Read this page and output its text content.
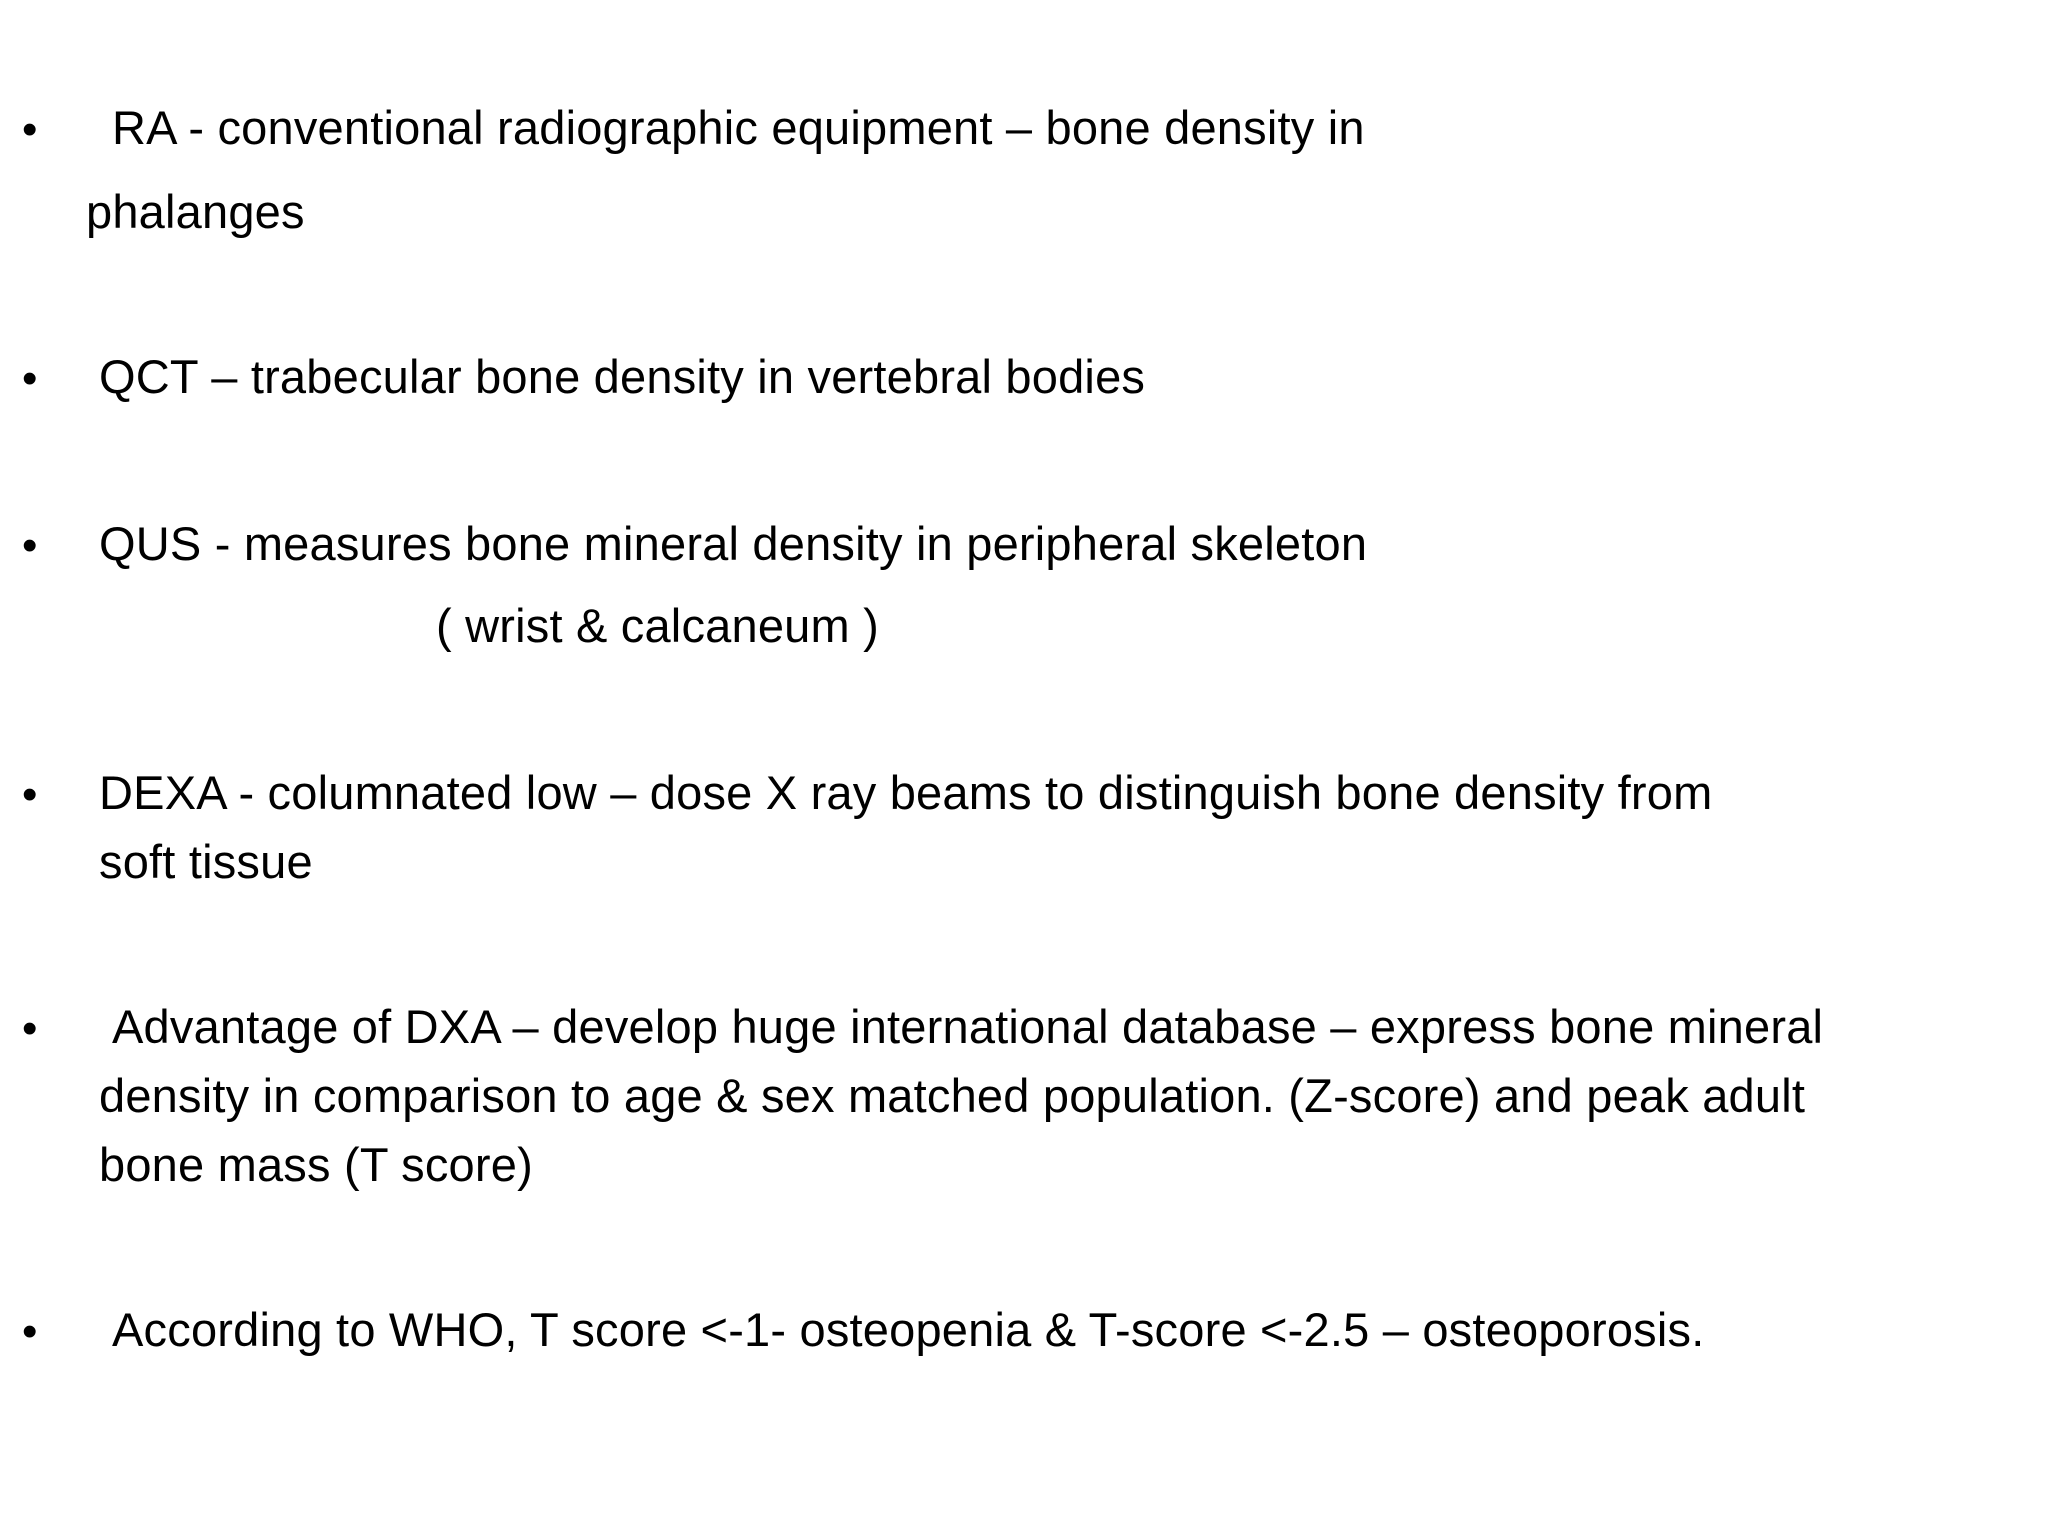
• RA - conventional radiographic equipment – bone density in
phalanges
• QCT – trabecular bone density in vertebral bodies
• QUS - measures bone mineral density in peripheral skeleton
( wrist & calcaneum )
• DEXA - columnated low – dose X ray beams to distinguish bone density from
soft tissue
• Advantage of DXA – develop huge international database – express bone mineral
density in comparison to age & sex matched population. (Z-score) and peak adult
bone mass (T score)
• According to WHO, T score <-1- osteopenia & T-score <-2.5 – osteoporosis.
